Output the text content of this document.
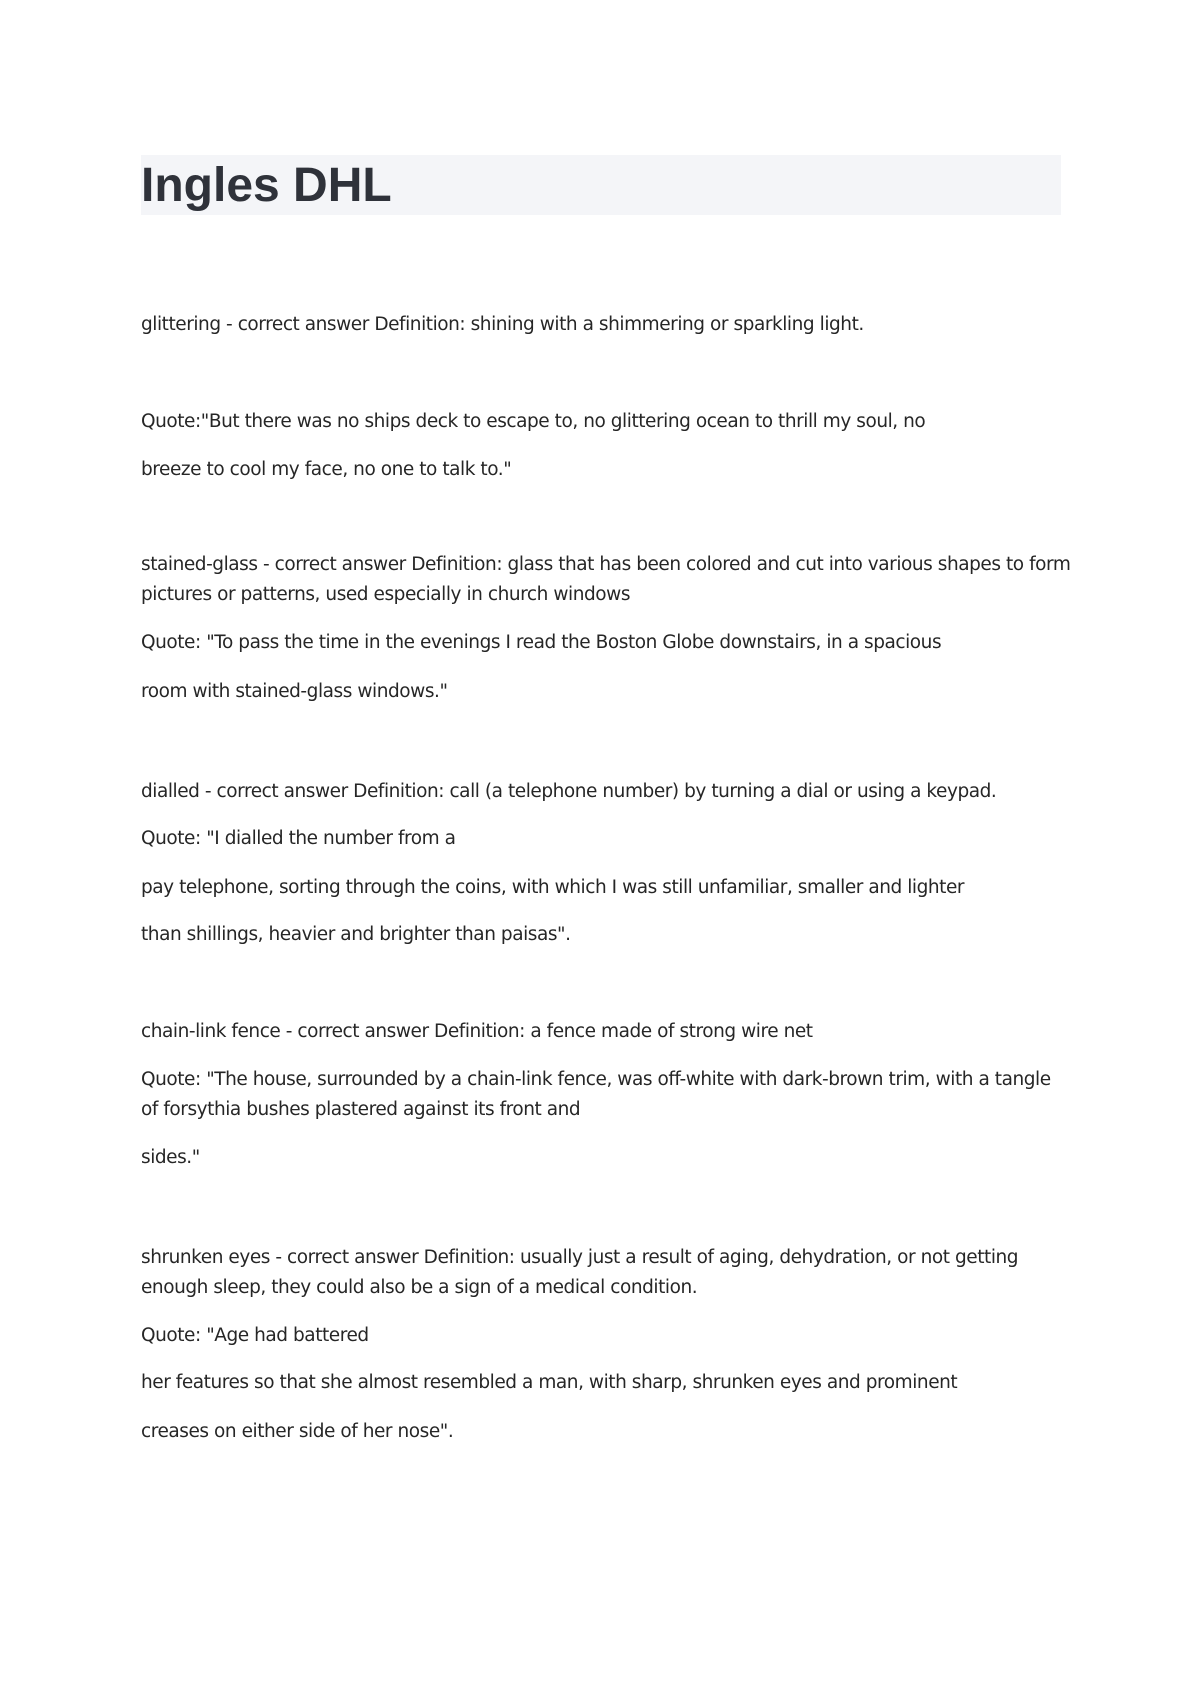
Ingles DHL
glittering - correct answer Definition: shining with a shimmering or sparkling light.
Quote:"But there was no ships deck to escape to, no glittering ocean to thrill my soul, no
breeze to cool my face, no one to talk to."
stained-glass - correct answer Definition: glass that has been colored and cut into various shapes to form pictures or patterns, used especially in church windows
Quote: "To pass the time in the evenings I read the Boston Globe downstairs, in a spacious
room with stained-glass windows."
dialled - correct answer Definition: call (a telephone number) by turning a dial or using a keypad.
Quote: "I dialled the number from a
pay telephone, sorting through the coins, with which I was still unfamiliar, smaller and lighter
than shillings, heavier and brighter than paisas".
chain-link fence - correct answer Definition: a fence made of strong wire net
Quote: "The house, surrounded by a chain-link fence, was off-white with dark-brown trim, with a tangle of forsythia bushes plastered against its front and
sides."
shrunken eyes - correct answer Definition: usually just a result of aging, dehydration, or not getting enough sleep, they could also be a sign of a medical condition.
Quote: "Age had battered
her features so that she almost resembled a man, with sharp, shrunken eyes and prominent
creases on either side of her nose".
